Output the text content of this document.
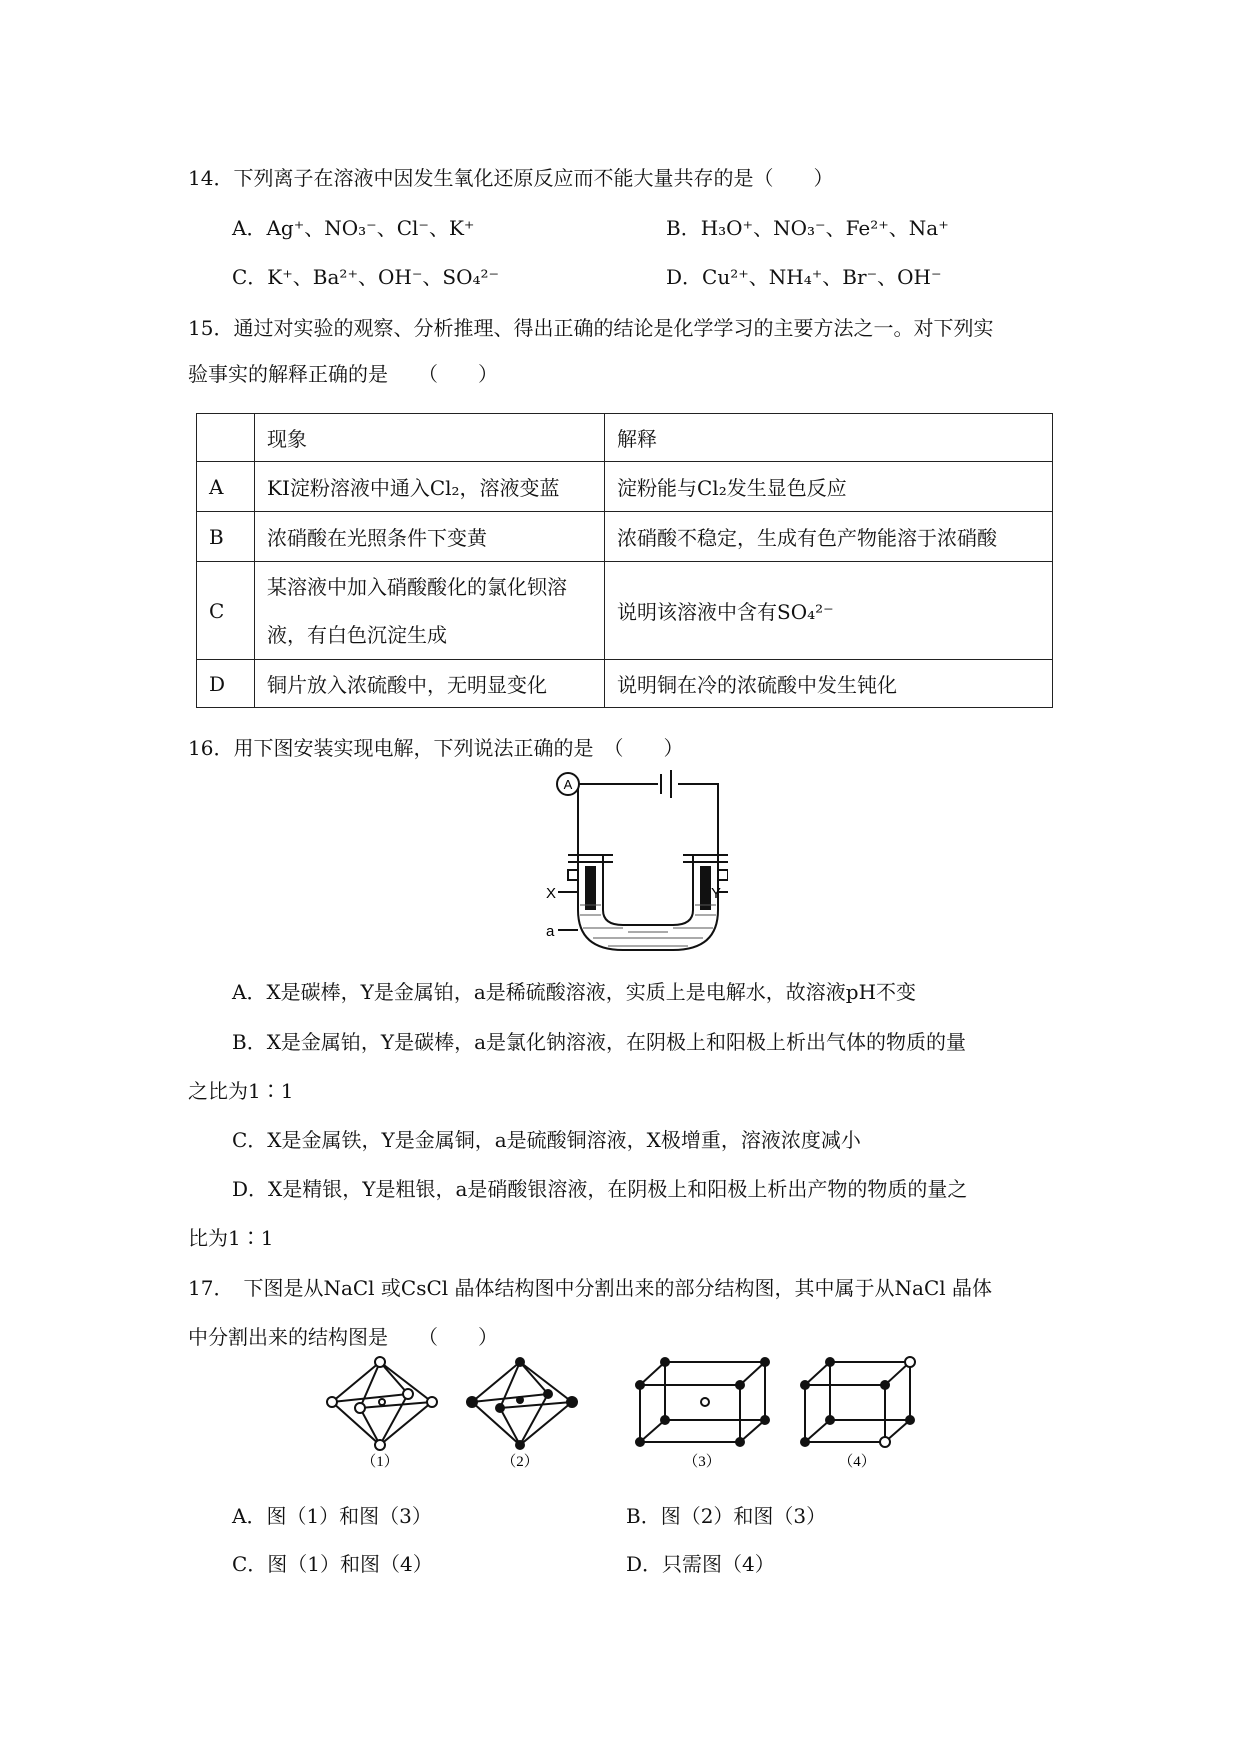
14．下列离子在溶液中因发生氧化还原反应而不能大量共存的是（　　）
A．Ag⁺、NO₃⁻、Cl⁻、K⁺	B．H₃O⁺、NO₃⁻、Fe²⁺、Na⁺
C．K⁺、Ba²⁺、OH⁻、SO₄²⁻	D．Cu²⁺、NH₄⁺、Br⁻、OH⁻
15．通过对实验的观察、分析推理、得出正确的结论是化学学习的主要方法之一。对下列实
验事实的解释正确的是　　（　　）
	现象	解释
A	KI淀粉溶液中通入Cl₂，溶液变蓝	淀粉能与Cl₂发生显色反应
B	浓硝酸在光照条件下变黄	浓硝酸不稳定，生成有色产物能溶于浓硝酸
C	某溶液中加入硝酸酸化的氯化钡溶液，有白色沉淀生成	说明该溶液中含有SO₄²⁻
D	铜片放入浓硫酸中，无明显变化	说明铜在冷的浓硫酸中发生钝化
16．用下图安装实现电解，下列说法正确的是　（　　）
A
X	Y
a
A．X是碳棒，Y是金属铂，a是稀硫酸溶液，实质上是电解水，故溶液pH不变
B．X是金属铂，Y是碳棒，a是氯化钠溶液，在阴极上和阳极上析出气体的物质的量
之比为1∶1
C．X是金属铁，Y是金属铜，a是硫酸铜溶液，X极增重，溶液浓度减小
D．X是精银，Y是粗银，a是硝酸银溶液，在阴极上和阳极上析出产物的物质的量之
比为1∶1
17．　下图是从NaCl 或CsCl 晶体结构图中分割出来的部分结构图，其中属于从NaCl 晶体
中分割出来的结构图是　　（　　）
（1）	（2）	（3）	（4）
A．图（1）和图（3）	B．图（2）和图（3）
C．图（1）和图（4）	D．只需图（4）
